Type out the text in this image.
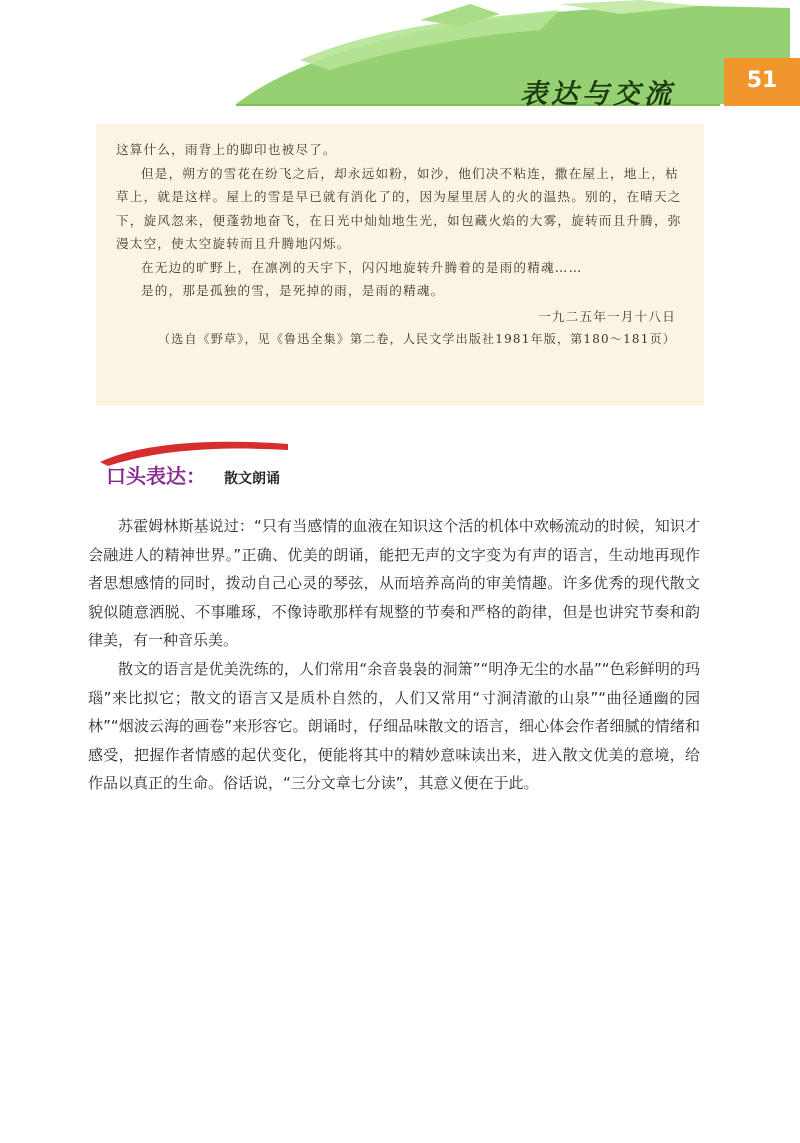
表达与交流	51

这算什么，雨背上的脚印也被尽了。

但是，朔方的雪花在纷飞之后，却永远如粉，如沙，他们决不粘连，撒在屋上，地上，枯草上，就是这样。屋上的雪是早已就有消化了的，因为屋里居人的火的温热。别的，在晴天之下，旋风忽来，便蓬勃地奋飞，在日光中灿灿地生光，如包藏火焰的大雾，旋转而且升腾，弥漫太空，使太空旋转而且升腾地闪烁。

在无边的旷野上，在凛冽的天宇下，闪闪地旋转升腾着的是雨的精魂……

是的，那是孤独的雪，是死掉的雨，是雨的精魂。

一九二五年一月十八日

（选自《野草》，见《鲁迅全集》第二卷，人民文学出版社1981年版，第180～181页）

口头表达： 散文朗诵

苏霍姆林斯基说过：“只有当感情的血液在知识这个活的机体中欢畅流动的时候，知识才会融进人的精神世界。”正确、优美的朗诵，能把无声的文字变为有声的语言，生动地再现作者思想感情的同时，拨动自己心灵的琴弦，从而培养高尚的审美情趣。许多优秀的现代散文貌似随意洒脱、不事雕琢，不像诗歌那样有规整的节奏和严格的韵律，但是也讲究节奏和韵律美，有一种音乐美。

散文的语言是优美洗练的，人们常用“余音袅袅的洞箫”“明净无尘的水晶”“色彩鲜明的玛瑙”来比拟它；散文的语言又是质朴自然的，人们又常用“寸涧清澈的山泉”“曲径通幽的园林”“烟波云海的画卷”来形容它。朗诵时，仔细品味散文的语言，细心体会作者细腻的情绪和感受，把握作者情感的起伏变化，便能将其中的精妙意味读出来，进入散文优美的意境，给作品以真正的生命。俗话说，“三分文章七分读”，其意义便在于此。
